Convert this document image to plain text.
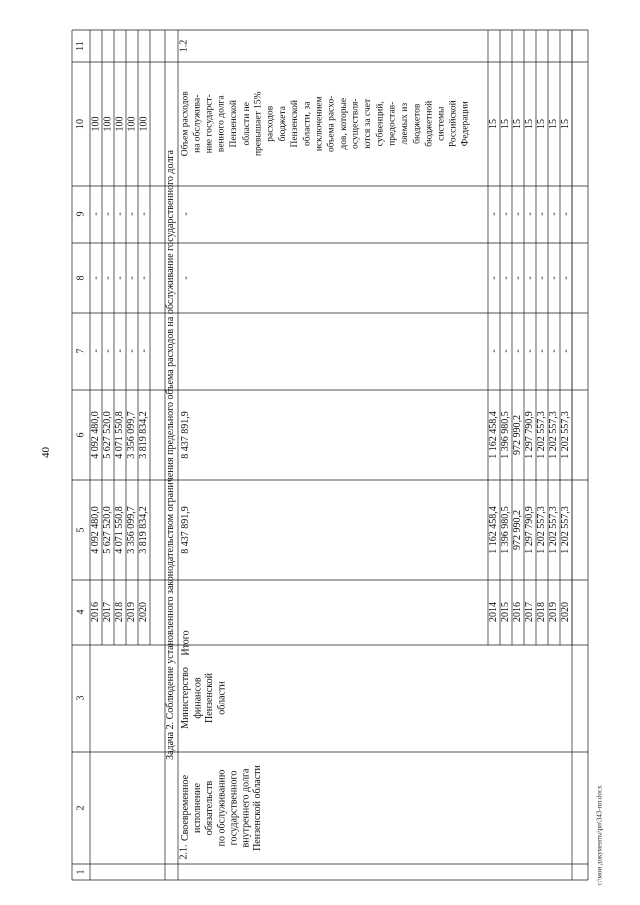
40
c:\мои документы\рп\343-пп.docx
1
2
3
4
5
6
7
8
9
10
11
2016
4 092 480,0
4 092 480,0
-
-
-
100
2017
5 627 520,0
5 627 520,0
-
-
-
100
2018
4 071 550,8
4 071 550,8
-
-
-
100
2019
3 356 099,7
3 356 099,7
-
-
-
100
2020
3 819 834,2
3 819 834,2
-
-
-
100
Задача 2. Соблюдение установленного законодательством ограничения предельного объема расходов на обслуживание государственного долга
2.1.
Своевременное исполнение обязательств по обслуживанию государственного внутреннего долга Пензенской области
Министерство финансов Пензенской области
Итого
8 437 891,9
8 437 891,9
-
-
1.2
Объем расходов на обслужива- ние государст- венного долга Пензенской области не превышает 15% расходов бюджета Пензенской области, за исключением объема расхо- дов, которые осуществля- ются за счет субвенций, предостав- ляемых из бюджетов бюджетной системы Российской Федерации
2014
1 162 458,4
1 162 458,4
-
-
-
15
2015
1 396 980,5
1 396 980,5
-
-
-
15
2016
972 990,2
972 990,2
-
-
-
15
2017
1 297 790,9
1 297 790,9
-
-
-
15
2018
1 202 557,3
1 202 557,3
-
-
-
15
2019
1 202 557,3
1 202 557,3
-
-
-
15
2020
1 202 557,3
1 202 557,3
-
-
-
15
